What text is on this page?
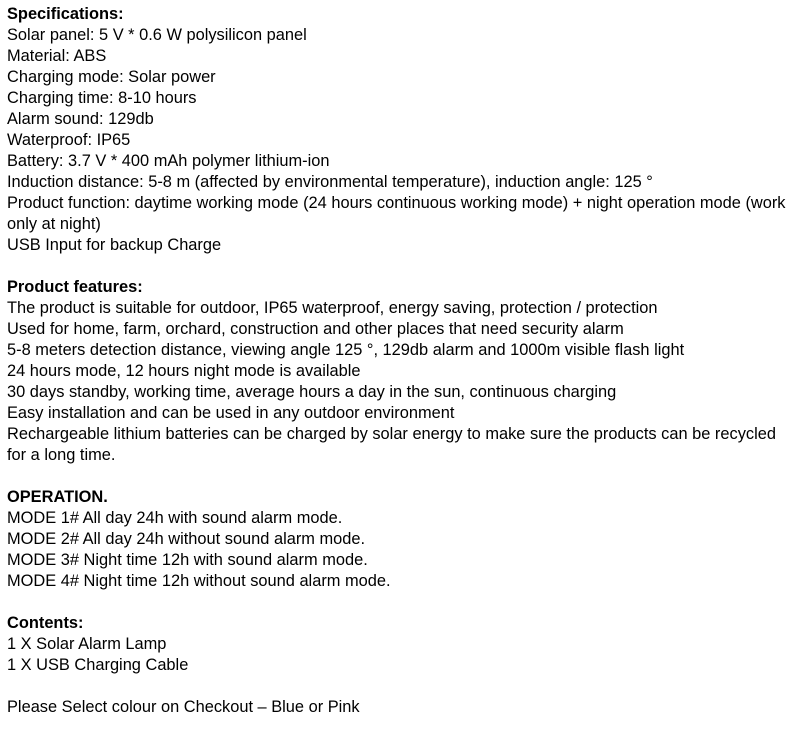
Specifications:
Solar panel: 5 V * 0.6 W polysilicon panel
Material: ABS
Charging mode: Solar power
Charging time: 8-10 hours
Alarm sound: 129db
Waterproof: IP65
Battery: 3.7 V * 400 mAh polymer lithium-ion
Induction distance: 5-8 m (affected by environmental temperature), induction angle: 125 °
Product function: daytime working mode (24 hours continuous working mode) + night operation mode (work only at night)
USB Input for backup Charge
Product features:
The product is suitable for outdoor, IP65 waterproof, energy saving, protection / protection
Used for home, farm, orchard, construction and other places that need security alarm
5-8 meters detection distance, viewing angle 125 °, 129db alarm and 1000m visible flash light
24 hours mode, 12 hours night mode is available
30 days standby, working time, average hours a day in the sun, continuous charging
Easy installation and can be used in any outdoor environment
Rechargeable lithium batteries can be charged by solar energy to make sure the products can be recycled for a long time.
OPERATION.
MODE 1# All day 24h with sound alarm mode.
MODE 2# All day 24h without sound alarm mode.
MODE 3# Night time 12h with sound alarm mode.
MODE 4# Night time 12h without sound alarm mode.
Contents:
1 X Solar Alarm Lamp
1 X USB Charging Cable
Please Select colour on Checkout – Blue or Pink
